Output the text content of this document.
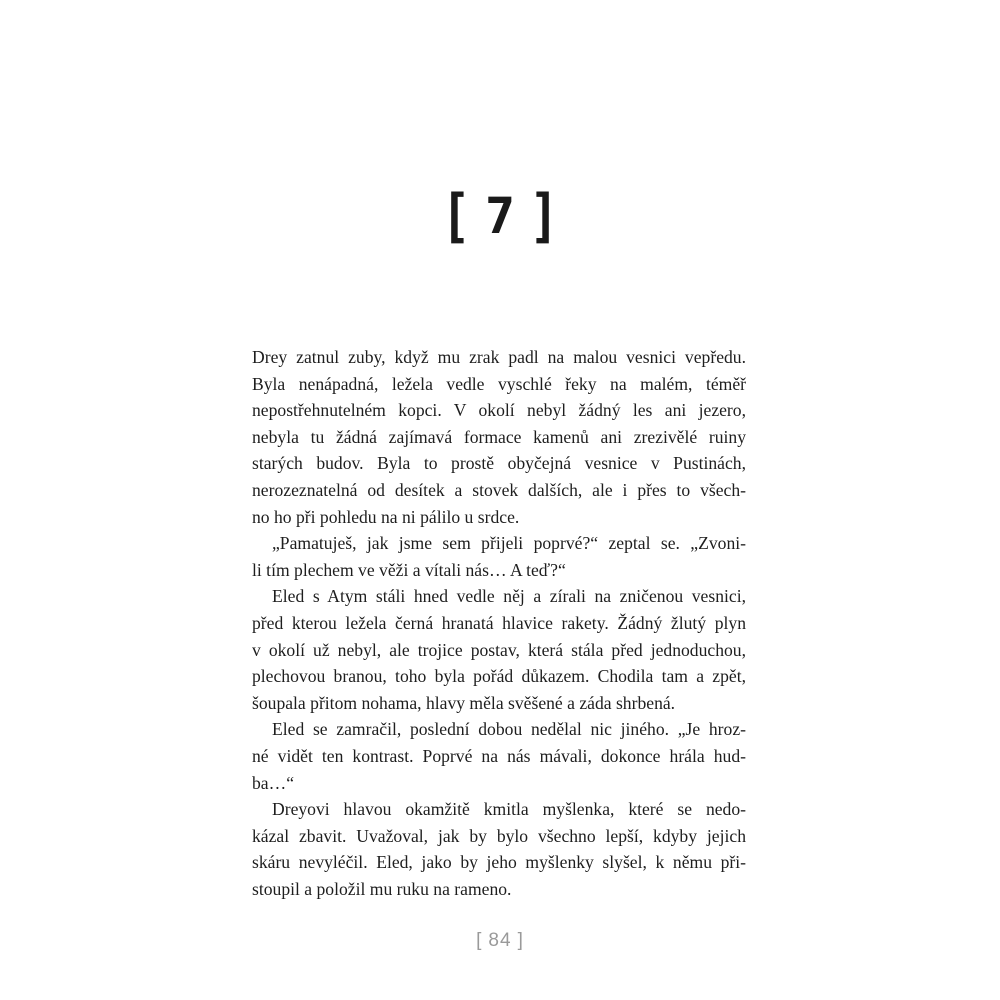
[ 7 ]
Drey zatnul zuby, když mu zrak padl na malou vesnici vepředu.
Byla nenápadná, ležela vedle vyschlé řeky na malém, téměř
nepostřehnutelném kopci. V okolí nebyl žádný les ani jezero,
nebyla tu žádná zajímavá formace kamenů ani zrezivělé ruiny
starých budov. Byla to prostě obyčejná vesnice v Pustinách,
nerozeznatelná od desítek a stovek dalších, ale i přes to všech-
no ho při pohledu na ni pálilo u srdce.
„Pamatuješ, jak jsme sem přijeli poprvé?“ zeptal se. „Zvoni-
li tím plechem ve věži a vítali nás… A teď?“
Eled s Atym stáli hned vedle něj a zírali na zničenou vesnici,
před kterou ležela černá hranatá hlavice rakety. Žádný žlutý plyn
v okolí už nebyl, ale trojice postav, která stála před jednoduchou,
plechovou branou, toho byla pořád důkazem. Chodila tam a zpět,
šoupala přitom nohama, hlavy měla svěšené a záda shrbená.
Eled se zamračil, poslední dobou nedělal nic jiného. „Je hroz-
né vidět ten kontrast. Poprvé na nás mávali, dokonce hrála hud-
ba…“
Dreyovi hlavou okamžitě kmitla myšlenka, které se nedo-
kázal zbavit. Uvažoval, jak by bylo všechno lepší, kdyby jejich
skáru nevyléčil. Eled, jako by jeho myšlenky slyšel, k němu při-
stoupil a položil mu ruku na rameno.
[ 84 ]
